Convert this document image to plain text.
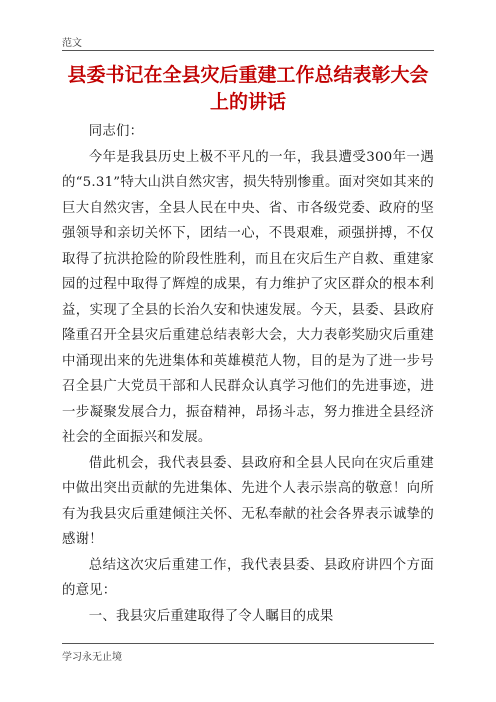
范文
县委书记在全县灾后重建工作总结表彰大会上的讲话

同志们：

今年是我县历史上极不平凡的一年，我县遭受300年一遇的“5.31”特大山洪自然灾害，损失特别惨重。面对突如其来的巨大自然灾害，全县人民在中央、省、市各级党委、政府的坚强领导和亲切关怀下，团结一心，不畏艰难，顽强拼搏，不仅取得了抗洪抢险的阶段性胜利，而且在灾后生产自救、重建家园的过程中取得了辉煌的成果，有力维护了灾区群众的根本利益，实现了全县的长治久安和快速发展。今天，县委、县政府隆重召开全县灾后重建总结表彰大会，大力表彰奖励灾后重建中涌现出来的先进集体和英雄模范人物，目的是为了进一步号召全县广大党员干部和人民群众认真学习他们的先进事迹，进一步凝聚发展合力，振奋精神，昂扬斗志，努力推进全县经济社会的全面振兴和发展。

借此机会，我代表县委、县政府和全县人民向在灾后重建中做出突出贡献的先进集体、先进个人表示崇高的敬意！向所有为我县灾后重建倾注关怀、无私奉献的社会各界表示诚挚的感谢！

总结这次灾后重建工作，我代表县委、县政府讲四个方面的意见：

一、我县灾后重建取得了令人瞩目的成果

学习永无止境
